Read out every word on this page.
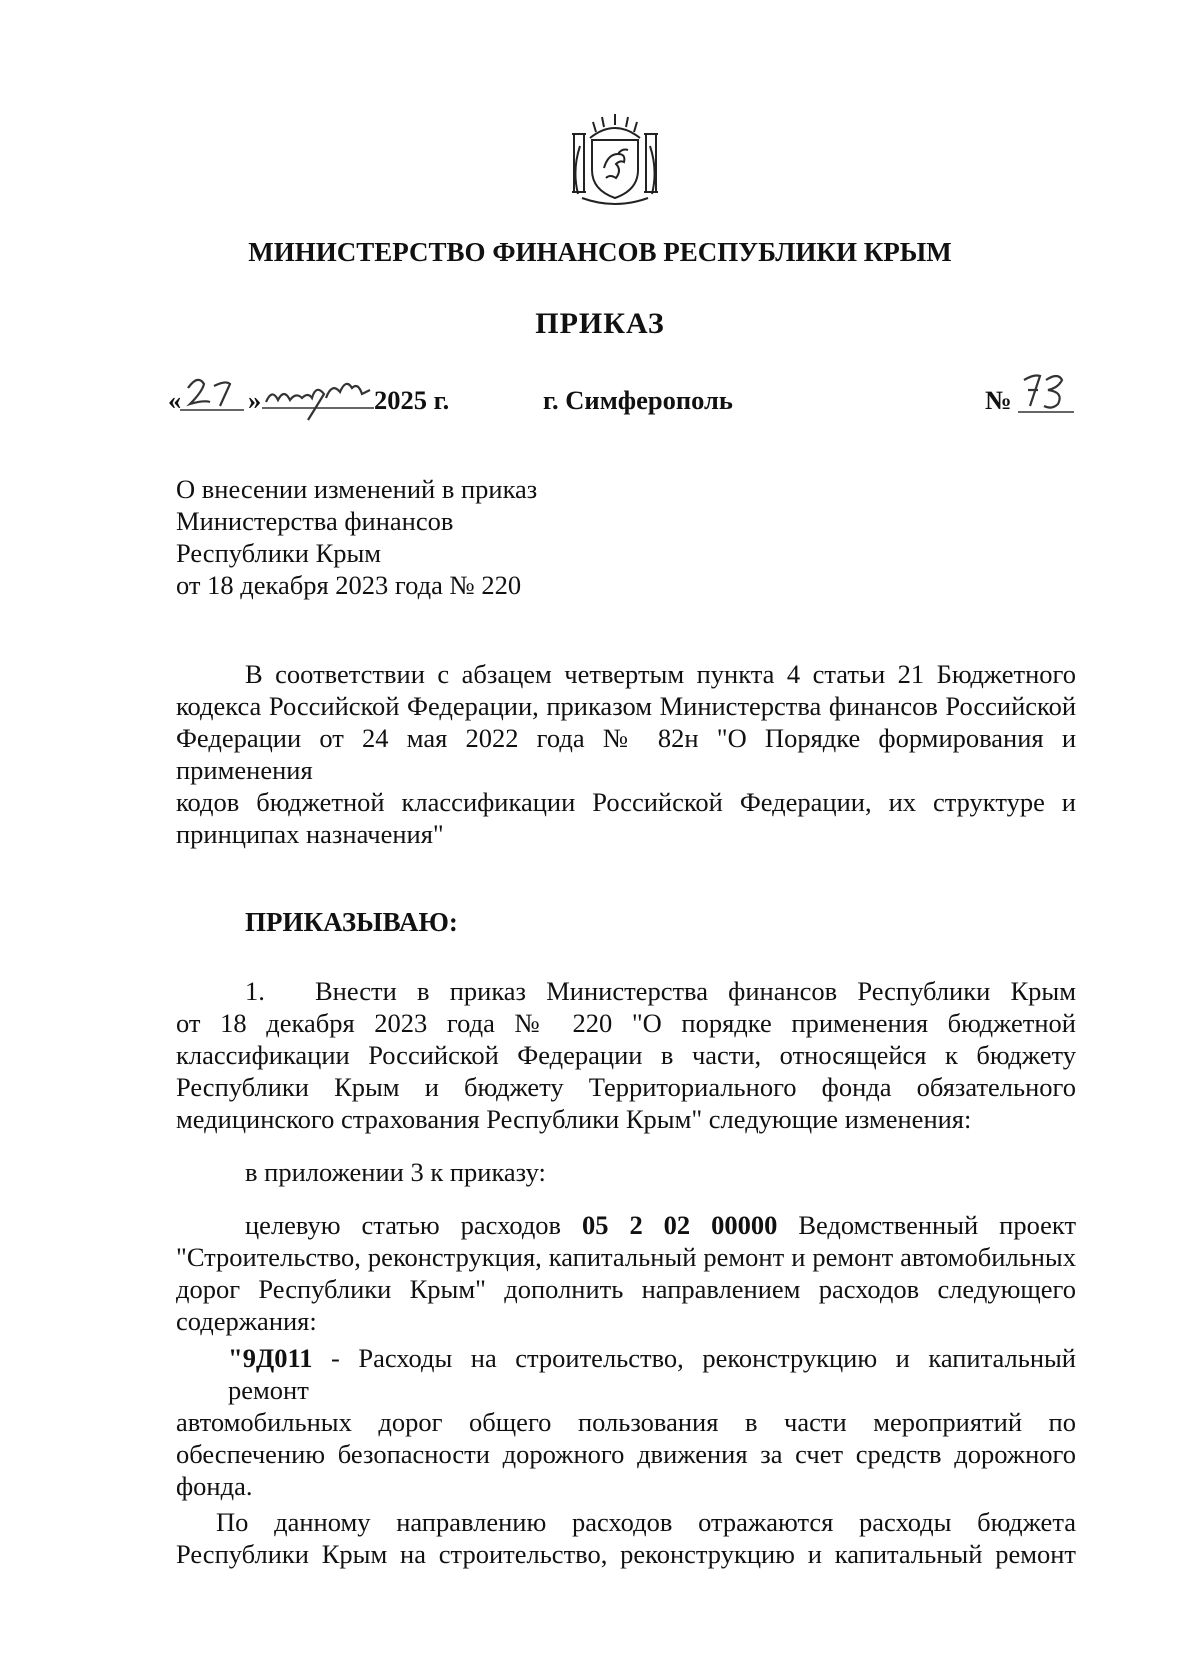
МИНИСТЕРСТВО ФИНАНСОВ РЕСПУБЛИКИ КРЫМ
ПРИКАЗ
«	»	2025 г.	г. Симферополь	№
О внесении изменений в приказ
Министерства финансов
Республики Крым
от 18 декабря 2023 года № 220
В соответствии с абзацем четвертым пункта 4 статьи 21 Бюджетного
кодекса Российской Федерации, приказом Министерства финансов Российской
Федерации от 24 мая 2022 года № 82н "О Порядке формирования и применения
кодов бюджетной классификации Российской Федерации, их структуре и
принципах назначения"
ПРИКАЗЫВАЮ:
1. Внести в приказ Министерства финансов Республики Крым
от 18 декабря 2023 года № 220 "О порядке применения бюджетной
классификации Российской Федерации в части, относящейся к бюджету
Республики Крым и бюджету Территориального фонда обязательного
медицинского страхования Республики Крым" следующие изменения:
в приложении 3 к приказу:
целевую статью расходов 05 2 02 00000 Ведомственный проект
"Строительство, реконструкция, капитальный ремонт и ремонт автомобильных
дорог Республики Крым" дополнить направлением расходов следующего
содержания:
"9Д011 - Расходы на строительство, реконструкцию и капитальный ремонт
автомобильных дорог общего пользования в части мероприятий по
обеспечению безопасности дорожного движения за счет средств дорожного
фонда.
По данному направлению расходов отражаются расходы бюджета
Республики Крым на строительство, реконструкцию и капитальный ремонт
